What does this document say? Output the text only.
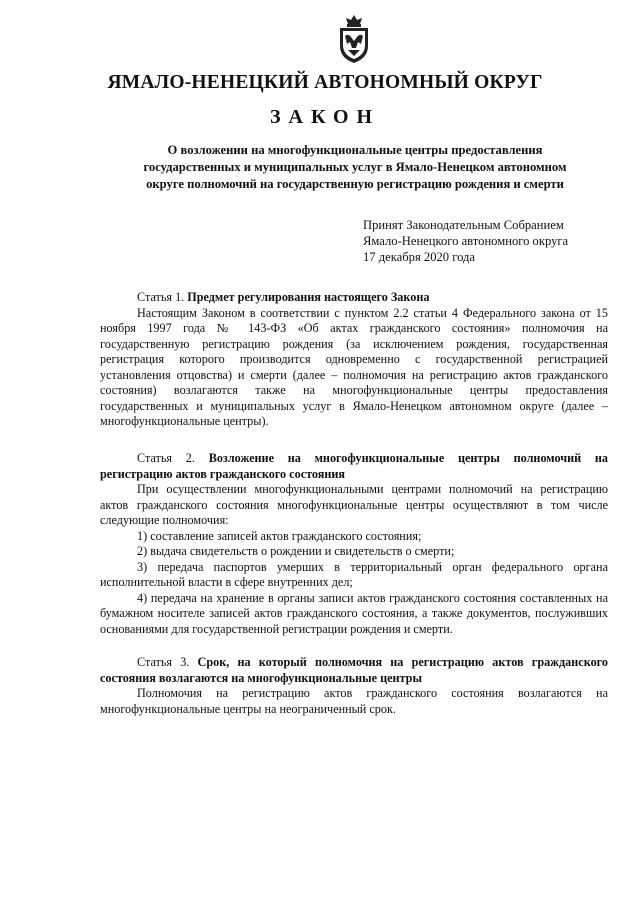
ЯМАЛО-НЕНЕЦКИЙ АВТОНОМНЫЙ ОКРУГ
ЗАКОН
О возложении на многофункциональные центры предоставления
государственных и муниципальных услуг в Ямало-Ненецком автономном
округе полномочий на государственную регистрацию рождения и смерти
Принят Законодательным Собранием
Ямало-Ненецкого автономного округа
17 декабря 2020 года

Статья 1. Предмет регулирования настоящего Закона

Настоящим Законом в соответствии с пунктом 2.2 статьи 4 Федерального закона от 15 ноября 1997 года № 143-ФЗ «Об актах гражданского состояния» полномочия на государственную регистрацию рождения (за исключением рождения, государственная регистрация которого производится одновременно с государственной регистрацией установления отцовства) и смерти (далее – полномочия на регистрацию актов гражданского состояния) возлагаются также на многофункциональные центры предоставления государственных и муниципальных услуг в Ямало-Ненецком автономном округе (далее – многофункциональные центры).

Статья 2. Возложение на многофункциональные центры полномочий на регистрацию актов гражданского состояния

При осуществлении многофункциональными центрами полномочий на регистрацию актов гражданского состояния многофункциональные центры осуществляют в том числе следующие полномочия:

1) составление записей актов гражданского состояния;

2) выдача свидетельств о рождении и свидетельств о смерти;

3) передача паспортов умерших в территориальный орган федерального органа исполнительной власти в сфере внутренних дел;

4) передача на хранение в органы записи актов гражданского состояния составленных на бумажном носителе записей актов гражданского состояния, а также документов, послуживших основаниями для государственной регистрации рождения и смерти.

Статья 3. Срок, на который полномочия на регистрацию актов гражданского состояния возлагаются на многофункциональные центры

Полномочия на регистрацию актов гражданского состояния возлагаются на многофункциональные центры на неограниченный срок.
